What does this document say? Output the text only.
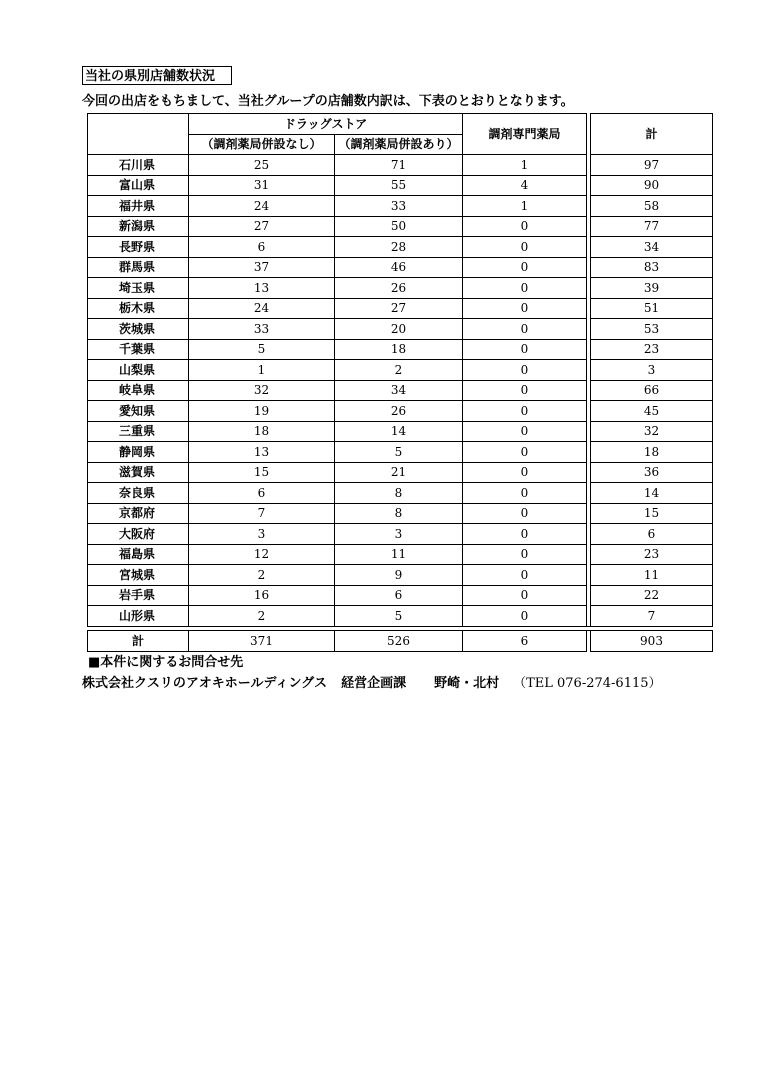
当社の県別店舗数状況
今回の出店をもちまして、当社グループの店舗数内訳は、下表のとおりとなります。
	ドラッグストア		調剤専門薬局		計
	（調剤薬局併設なし）	（調剤薬局併設あり）			
石川県	25	71	1		97
富山県	31	55	4		90
福井県	24	33	1		58
新潟県	27	50	0		77
長野県	6	28	0		34
群馬県	37	46	0		83
埼玉県	13	26	0		39
栃木県	24	27	0		51
茨城県	33	20	0		53
千葉県	5	18	0		23
山梨県	1	2	0		3
岐阜県	32	34	0		66
愛知県	19	26	0		45
三重県	18	14	0		32
静岡県	13	5	0		18
滋賀県	15	21	0		36
奈良県	6	8	0		14
京都府	7	8	0		15
大阪府	3	3	0		6
福島県	12	11	0		23
宮城県	2	9	0		11
岩手県	16	6	0		22
山形県	2	5	0		7

計	371	526	6		903
■本件に関するお問合せ先
株式会社クスリのアオキホールディングス 経営企画課 野崎・北村 （TEL 076-274-6115）
